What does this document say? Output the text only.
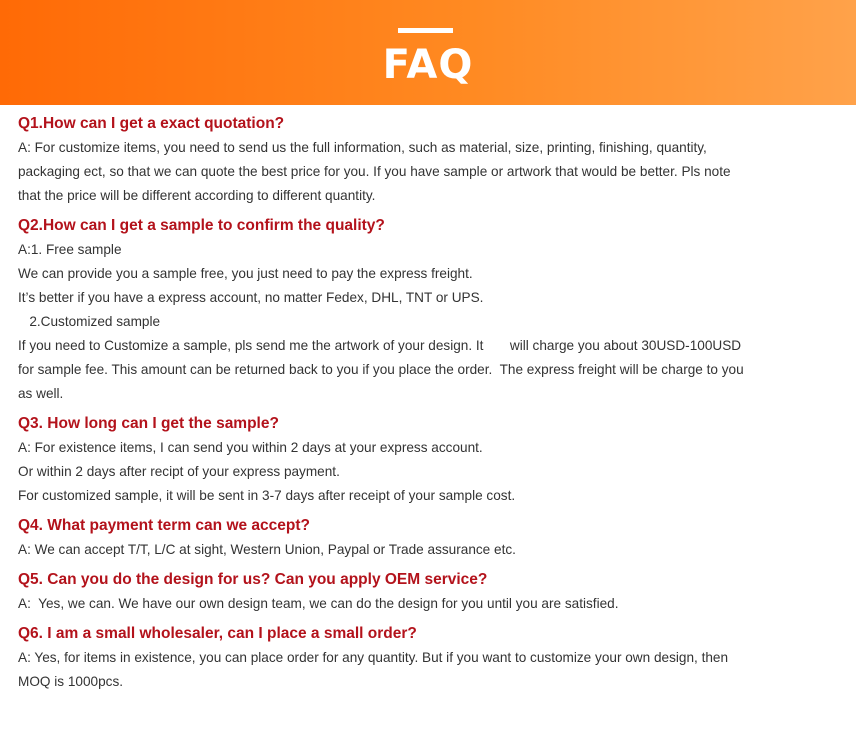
FAQ

Q1.How can I get a exact quotation?

A: For customize items, you need to send us the full information, such as material, size, printing, finishing, quantity,
packaging ect, so that we can quote the best price for you. If you have sample or artwork that would be better. Pls note
that the price will be different according to different quantity.

Q2.How can I get a sample to confirm the quality?

A:1. Free sample
We can provide you a sample free, you just need to pay the express freight.
It’s better if you have a express account, no matter Fedex, DHL, TNT or UPS.
2.Customized sample
If you need to Customize a sample, pls send me the artwork of your design. It       will charge you about 30USD-100USD
for sample fee. This amount can be returned back to you if you place the order.  The express freight will be charge to you
as well.

Q3. How long can I get the sample?

A: For existence items, I can send you within 2 days at your express account.
Or within 2 days after recipt of your express payment.
For customized sample, it will be sent in 3-7 days after receipt of your sample cost.

Q4. What payment term can we accept?

A: We can accept T/T, L/C at sight, Western Union, Paypal or Trade assurance etc.

Q5. Can you do the design for us? Can you apply OEM service?

A:  Yes, we can. We have our own design team, we can do the design for you until you are satisfied.

Q6. I am a small wholesaler, can I place a small order?

A: Yes, for items in existence, you can place order for any quantity. But if you want to customize your own design, then
MOQ is 1000pcs.
